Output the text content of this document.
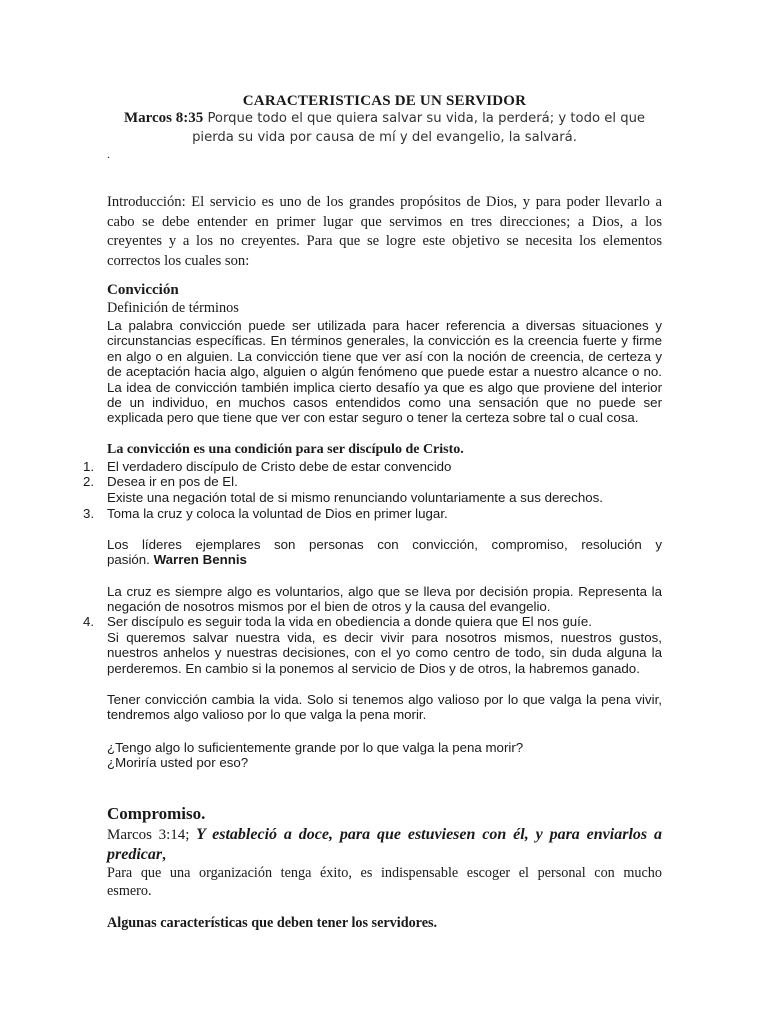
CARACTERISTICAS DE UN SERVIDOR

Marcos 8:35 Porque todo el que quiera salvar su vida, la perderá; y todo el que
pierda su vida por causa de mí y del evangelio, la salvará.

.

Introducción: El servicio es uno de los grandes propósitos de Dios, y para poder llevarlo a
cabo se debe entender en primer lugar que servimos en tres direcciones; a Dios, a los
creyentes y a los no creyentes. Para que se logre este objetivo se necesita los elementos
correctos los cuales son:

Convicción

Definición de términos

La palabra convicción puede ser utilizada para hacer referencia a diversas situaciones y
circunstancias específicas. En términos generales, la convicción es la creencia fuerte y firme
en algo o en alguien. La convicción tiene que ver así con la noción de creencia, de certeza y
de aceptación hacia algo, alguien o algún fenómeno que puede estar a nuestro alcance o no.
La idea de convicción también implica cierto desafío ya que es algo que proviene del interior
de un individuo, en muchos casos entendidos como una sensación que no puede ser
explicada pero que tiene que ver con estar seguro o tener la certeza sobre tal o cual cosa.

La convicción es una condición para ser discípulo de Cristo.

1. El verdadero discípulo de Cristo debe de estar convencido
2. Desea ir en pos de El.
Existe una negación total de si mismo renunciando voluntariamente a sus derechos.
3. Toma la cruz y coloca la voluntad de Dios en primer lugar.
Los líderes ejemplares son personas con convicción, compromiso, resolución y
pasión. Warren Bennis
La cruz es siempre algo es voluntarios, algo que se lleva por decisión propia. Representa la
negación de nosotros mismos por el bien de otros y la causa del evangelio.
4. Ser discípulo es seguir toda la vida en obediencia a donde quiera que El nos guíe.
Si queremos salvar nuestra vida, es decir vivir para nosotros mismos, nuestros gustos,
nuestros anhelos y nuestras decisiones, con el yo como centro de todo, sin duda alguna la
perderemos. En cambio si la ponemos al servicio de Dios y de otros, la habremos ganado.
Tener convicción cambia la vida. Solo si tenemos algo valioso por lo que valga la pena vivir,
tendremos algo valioso por lo que valga la pena morir.
¿Tengo algo lo suficientemente grande por lo que valga la pena morir?
¿Moriría usted por eso?

Compromiso.

Marcos 3:14; Y estableció a doce, para que estuviesen con él, y para enviarlos a
predicar,
Para que una organización tenga éxito, es indispensable escoger el personal con mucho
esmero.

Algunas características que deben tener los servidores.
